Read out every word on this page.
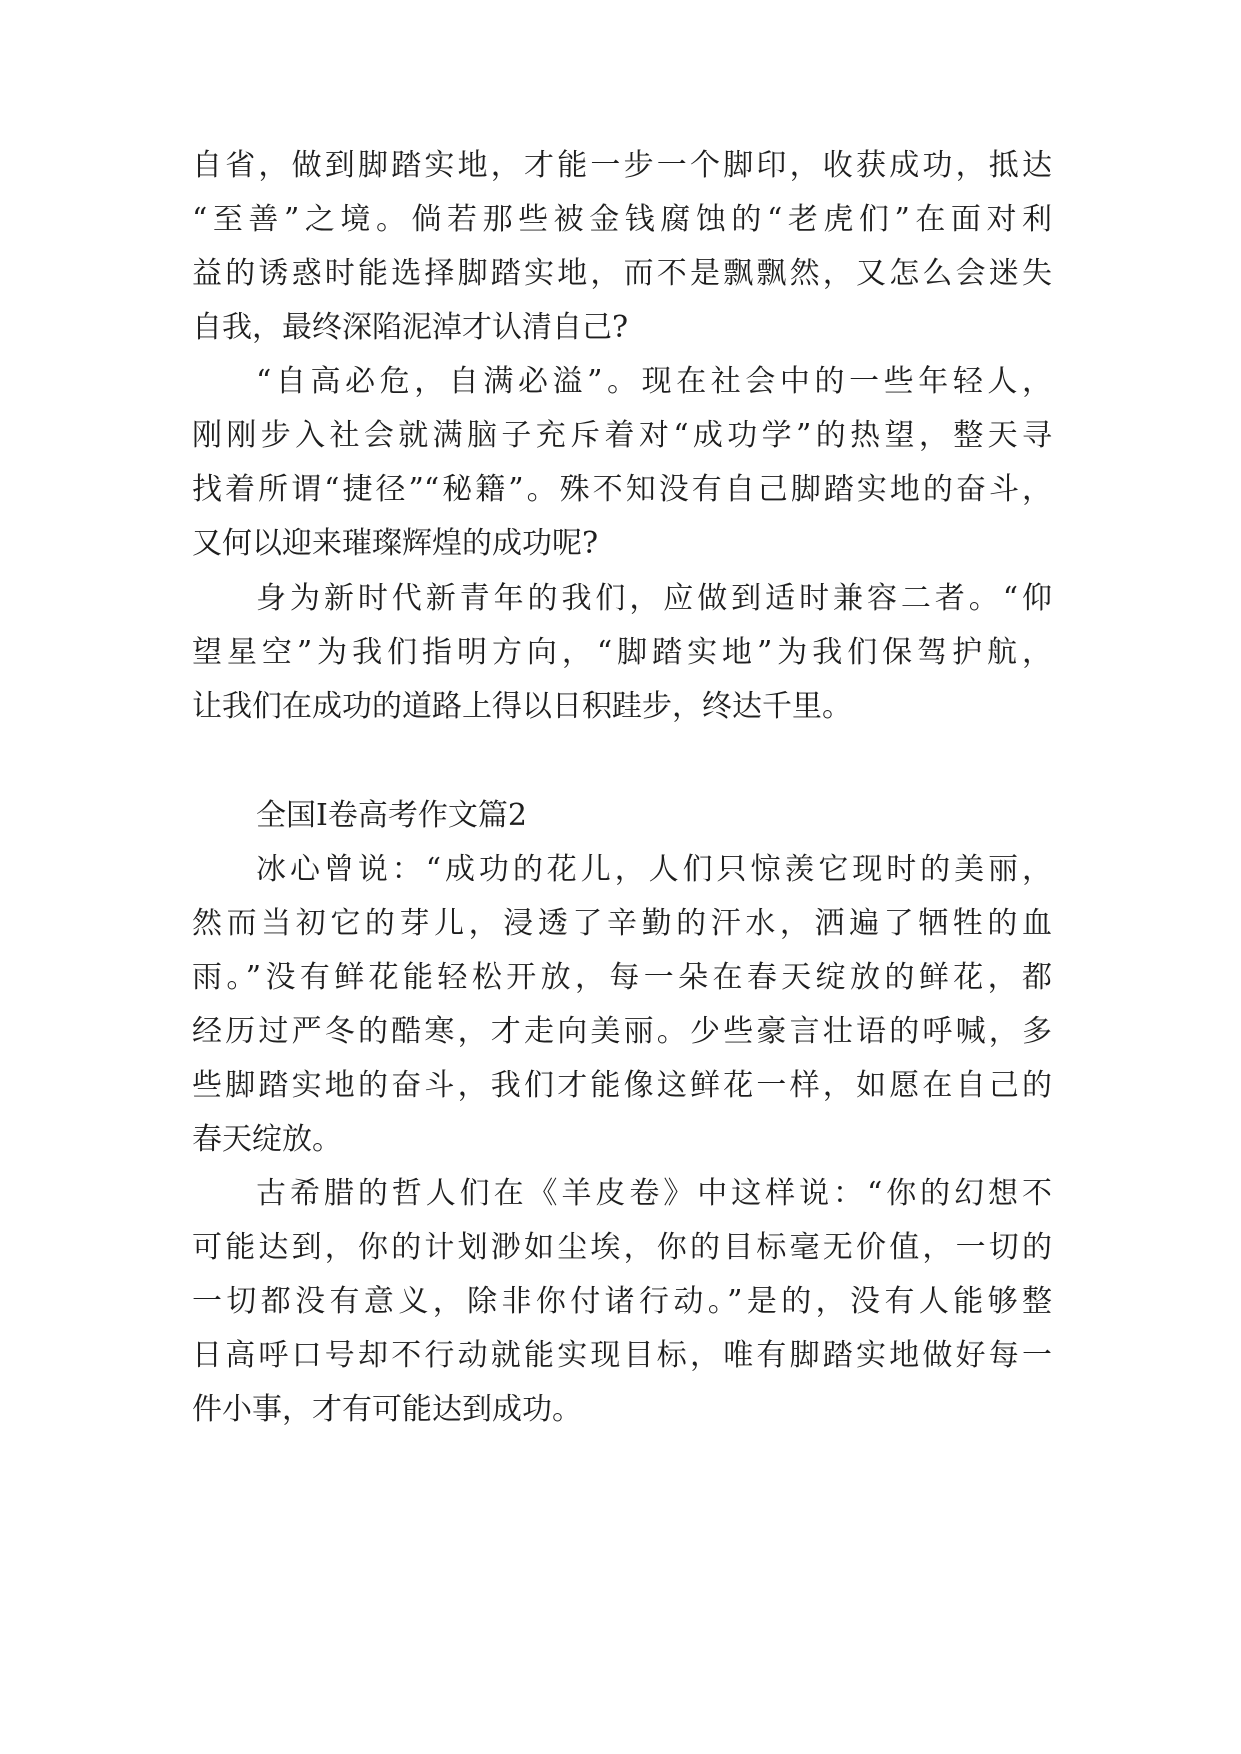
自省，做到脚踏实地，才能一步一个脚印，收获成功，抵达

“至善”之境。倘若那些被金钱腐蚀的“老虎们”在面对利

益的诱惑时能选择脚踏实地，而不是飘飘然，又怎么会迷失

自我，最终深陷泥淖才认清自己?

“自高必危，自满必溢”。现在社会中的一些年轻人，

刚刚步入社会就满脑子充斥着对“成功学”的热望，整天寻

找着所谓“捷径”“秘籍”。殊不知没有自己脚踏实地的奋斗，

又何以迎来璀璨辉煌的成功呢?

身为新时代新青年的我们，应做到适时兼容二者。“仰

望星空”为我们指明方向，“脚踏实地”为我们保驾护航，

让我们在成功的道路上得以日积跬步，终达千里。

全国Ⅰ卷高考作文篇2

冰心曾说：“成功的花儿，人们只惊羡它现时的美丽，

然而当初它的芽儿，浸透了辛勤的汗水，洒遍了牺牲的血

雨。”没有鲜花能轻松开放，每一朵在春天绽放的鲜花，都

经历过严冬的酷寒，才走向美丽。少些豪言壮语的呼喊，多

些脚踏实地的奋斗，我们才能像这鲜花一样，如愿在自己的

春天绽放。

古希腊的哲人们在《羊皮卷》中这样说：“你的幻想不

可能达到，你的计划渺如尘埃，你的目标毫无价值，一切的

一切都没有意义，除非你付诸行动。”是的，没有人能够整

日高呼口号却不行动就能实现目标，唯有脚踏实地做好每一

件小事，才有可能达到成功。
